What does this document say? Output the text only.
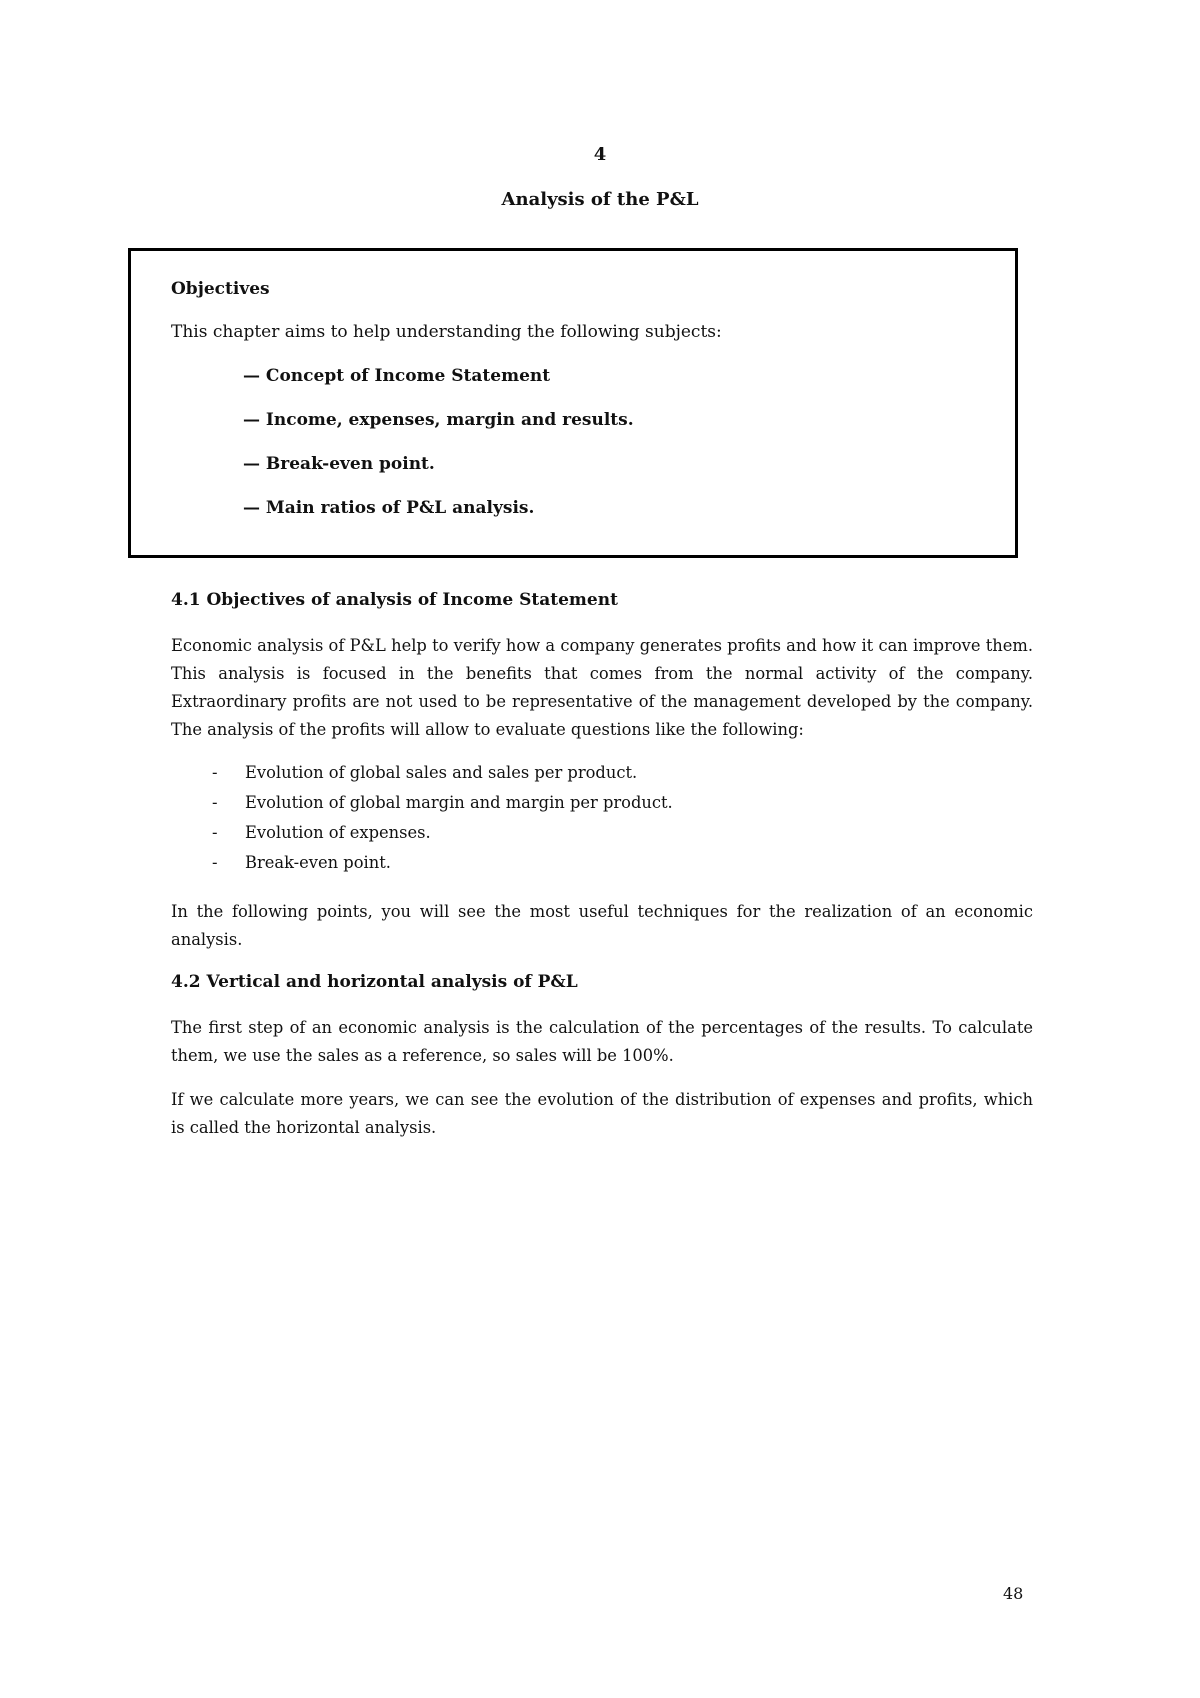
4
Analysis of the P&L
Objectives
This chapter aims to help understanding the following subjects:
— Concept of Income Statement
— Income, expenses, margin and results.
— Break-even point.
— Main ratios of P&L analysis.
4.1 Objectives of analysis of Income Statement
Economic analysis of P&L help to verify how a company generates profits and how it can improve them. This analysis is focused in the benefits that comes from the normal activity of the company. Extraordinary profits are not used to be representative of the management developed by the company. The analysis of the profits will allow to evaluate questions like the following:
- Evolution of global sales and sales per product.
- Evolution of global margin and margin per product.
- Evolution of expenses.
- Break-even point.
In the following points, you will see the most useful techniques for the realization of an economic analysis.
4.2 Vertical and horizontal analysis of P&L
The first step of an economic analysis is the calculation of the percentages of the results. To calculate them, we use the sales as a reference, so sales will be 100%.
If we calculate more years, we can see the evolution of the distribution of expenses and profits, which is called the horizontal analysis.
48
